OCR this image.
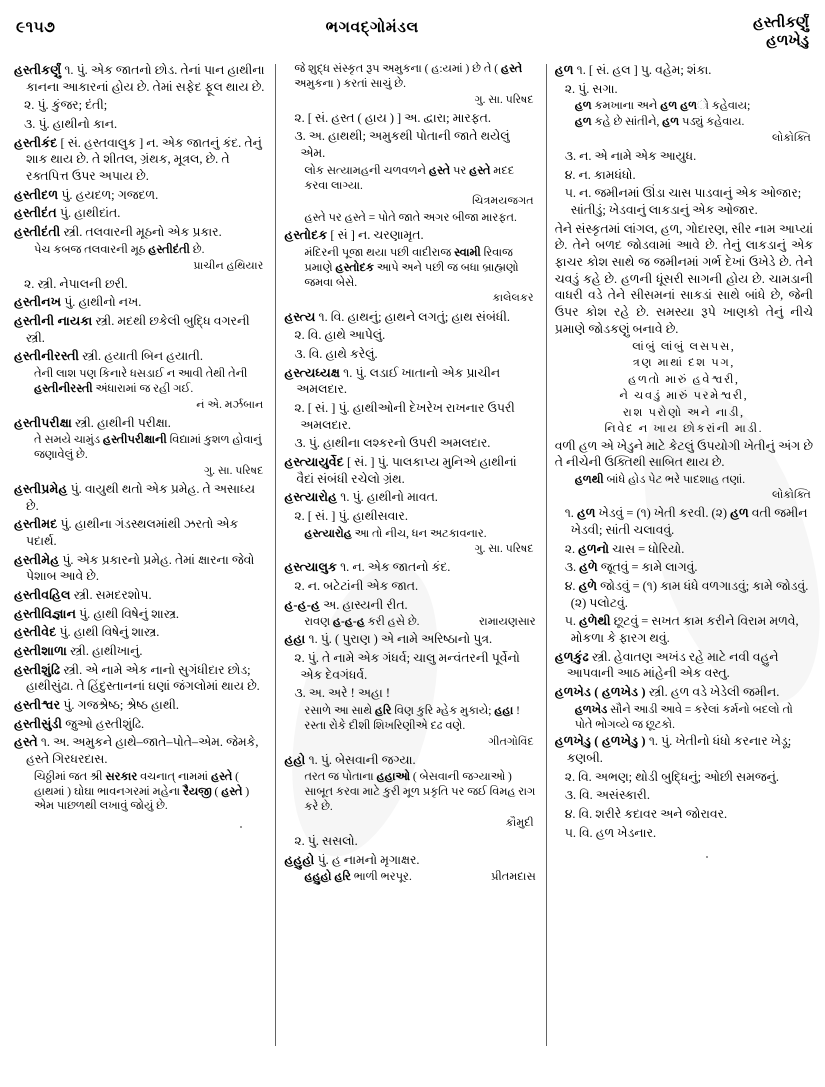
૯૧૫૭	ભગવદ્ગોમંડલ	હસ્તીકર્ણું
હળખેડુ

હસ્તીકર્ણું ૧. પું. એક જાતનો છોડ. તેનાં પાન હાથીના કાનના આકારનાં હોય છે. તેમાં સફેદ ફૂલ થાય છે.

૨. પું. કુંજર; દંતી;

૩. પું. હાથીનો કાન.

હસ્તીકંદ [ સં. હસ્તવાલુક ] ન. એક જાતનું કંદ. તેનું શાક થાય છે. તે શીતલ, ગ્રંથક, મૂત્રલ, છે. તે રક્તપિત્ત ઉપર અપાય છે.

હસ્તીદળ પું. હયદળ; ગજદળ.

હસ્તીદંત પું. હાથીદાંત.

હસ્તીદંતી સ્ત્રી. તલવારની મૂઠનો એક પ્રકાર.

પેચ કબજ તલવારની મૂઠ હસ્તીદંતી છે.

પ્રાચીન હથિયાર

૨. સ્ત્રી. નેપાલની છરી.

હસ્તીનખ પું. હાથીનો નખ.

હસ્તીની નાયકા સ્ત્રી. મદથી છકેલી બુદ્ધિ વગરની સ્ત્રી.

હસ્તીનીરસ્તી સ્ત્રી. હયાતી બિન હયાતી.

તેની લાશ પણ કિનારે ધસડાઈ ન આવી તેથી તેની હસ્તીનીરસ્તી અંધારામાં જ રહી ગઈ.

નં એ. મર્ઝબાન

હસ્તીપરીક્ષા સ્ત્રી. હાથીની પરીક્ષા.

તે સમયે ચામુંડ હસ્તીપરીક્ષાની વિદ્યામાં કુશળ હોવાનું જણાવેલું છે.

ગુ. સા. પરિષદ

હસ્તીપ્રમેહ પું. વાયુથી થતો એક પ્રમેહ. તે અસાધ્ય છે.

હસ્તીમદ પું. હાથીના ગંડસ્થલમાંથી ઝરતો એક પદાર્થ.

હસ્તીમેહ પું. એક પ્રકારનો પ્રમેહ. તેમાં ક્ષારના જેવો પેશાબ આવે છે.

હસ્તીવહિલ સ્ત્રી. સમદરશોપ.

હસ્તીવિજ્ઞાન પું. હાથી વિષેનું શાસ્ત્ર.

હસ્તીવેદ પું. હાથી વિષેનું શાસ્ત્ર.

હસ્તીશાળા સ્ત્રી. હાથીખાનું.

હસ્તીશુંઢિ સ્ત્રી. એ નામે એક નાનો સુગંધીદાર છોડ; હાથીસુંઢા. તે હિંદુસ્તાનનાં ઘણાં જંગલોમાં થાય છે.

હસ્તીશ્વર પું. ગજશ્રેષ્ઠ; શ્રેષ્ઠ હાથી.

હસ્તીસુંડી જુઓ હસ્તીશુંઢિ.

હસ્તે ૧. અ. અમુકને હાથે–જાતે–પોતે–એમ. જેમકે, હસ્તે ગિરધરદાસ.

ચિઠ્ઠીમાં જત શ્રી સરકાર વચનાત્ નામમાં હસ્તે ( હાથમાં ) ઘોઘા ભાવનગરમાં મહેના રૈયજી ( હસ્તે ) એમ પાછળથી લખાવું જોયું છે.

જે શુદ્ધ સંસ્કૃત રૂપ અમુકના ( હ:યમાં ) છે તે ( હસ્તે અમુકના ) કરતાં સાચું છે.

ગુ. સા. પરિષદ

૨. [ સં. હસ્ત ( હાય ) ] અ. દ્વારા; મારફત.

૩. અ. હાથથી; અમુકથી પોતાની જાતે થયેલું એમ.

લોક સત્યામહની ચળવળને હસ્તે પર હસ્તે મદદ કરવા લાગ્યા.

ચિત્રમયજગત

હસ્તે પર હસ્તે = પોતે જાતે અગર બીજા મારફત.

હસ્તોદક [ સં ] ન. ચરણામૃત.

મંદિરની પૂજા થયા પછી વાદીરાજ સ્વામી રિવાજ પ્રમાણે હસ્તોદક આપે અને પછી જ બધા બ્રાહ્મણો જમવા બેસે.

કાલેલકર

હસ્ત્ય ૧. વિ. હાથનું; હાથને લગતું; હાથ સંબંધી.

૨. વિ. હાથે આપેલું.

૩. વિ. હાથે કરેલું.

હસ્ત્યધ્યક્ષ ૧. પું. લડાઈ ખાતાનો એક પ્રાચીન અમલદાર.

૨. [ સં. ] પું. હાથીઓની દેખરેખ રાખનાર ઉપરી અમલદાર.

૩. પું. હાથીના લશ્કરનો ઉપરી અમલદાર.

હસ્ત્યાયુર્વેદ [ સં. ] પું. પાલકાપ્ય મુનિએ હાથીનાં વૈદાં સંબંધી રચેલો ગ્રંથ.

હસ્ત્યારોહ ૧. પું. હાથીનો માવત.

૨. [ સં. ] પું. હાથીસવાર.

હસ્ત્યારોહ આ તો નીચ, ધન અટકાવનાર.

ગુ. સા. પરિષદ

હસ્ત્યાલુક ૧. ન. એક જાતનો કંદ.

૨. ન. બટેટાંની એક જાત.

હ-હ-હ અ. હાસ્યની રીત.

રાવણ હ-હ-હ કરી હસે છે.	રામાયણસાર

હહા ૧. પું. ( પુરાણ ) એ નામે અરિષ્ઠાનો પુત્ર.

૨. પું. તે નામે એક ગંધર્વ; ચાલુ મન્વંતરની પૂર્વેનો એક દેવગંધર્વ.

૩. અ. અરે ! અહા !

રસાળે આ સાથે હરિ વિણ કુરિ મ્હેક મુકાયે; હહા ! રસ્તા રોકે દીશી શિખરિણીએ દઢ વણે.

ગીતગોવિંદ

હહો ૧. પું. બેસવાની જગ્યા.

તરત જ પોતાના હહાઓ ( બેસવાની જગ્યાઓ ) સાબૂત કરવા માટે કુરી મૂળ પ્રકૃતિ પર જઈ વિમહ રાગ કરે છે.

કૌમુદી

૨. પું. સસલો.

હહુહો પું. હ નામનો મૃગાક્ષર.

હહુહો હરિ ભાળી ભરપૂર.	પ્રીતમદાસ

હળ ૧. [ સં. હલ ] પુ. વહેમ; શંકા.

૨. પું. સગા.

હળ કમખાના અને હળ હળો કહેવાય;

હળ કહે છે સાંતીને, હળ પડ્યું કહેવાય.

લોકોક્તિ

૩. ન. એ નામે એક આયુધ.

૪. ન. કામધંધો.

૫. ન. જમીનમાં ઊંડા ચાસ પાડવાનું એક ઓજાર; સાંતીડું; ખેડવાનું લાકડાનું એક ઓજાર.

તેને સંસ્કૃતમાં લાંગલ, હળ, ગોદારણ, સીર નામ આપ્યાં છે. તેને બળદ જોડવામાં આવે છે. તેનું લાકડાનું એક ફાચર કોશ સાથે જ જમીનમાં ગર્ભ દેખાં ઉખેડે છે. તેને ચવડું કહે છે. હળની ધૂંસરી સાગની હોય છે. ચામડાની વાધરી વડે તેને સીસમનાં સાકડાં સાથે બાંધે છે, જેની ઉપર કોશ રહે છે. સમસ્યા રૂપે ખાણકો તેનું નીચે પ્રમાણે જોડકણું બનાવે છે.

લાંબું લાંબું લસપસ,

ત્રણ માથાં દશ પગ,

હળતો મારું હવેશ્વરી,

ને ચવડું મારું પરમેશ્વરી,

રાશ પરોણો અને નાડી,

નિવેદ ન ખાય છોકરાંની માડી.

વળી હળ એ ખેડુને માટે કેટલું ઉપયોગી ખેતીનું અંગ છે તે નીચેની ઉક્તિથી સાબિત થાય છે.

હળથી બાંધે હોડ પેટ ભરે પાદશાહ તણાં.

લોકોક્તિ

૧. હળ ખેડવું = (૧) ખેતી કરવી. (૨) હળ વતી જમીન ખેડવી; સાંતી ચલાવવું.

૨. હળનો ચાસ = ધોરિયો.

૩. હળે જૂતવું = કામે લાગવું.

૪. હળે જોડવું = (૧) કામ ધંધે વળગાડવું; કામે જોડવું. (૨) પલોટવું.

૫. હળેથી છૂટવું = સખત કામ કરીને વિરામ મળવે, મોકળા કે ફારગ થવું.

હળકુંઢ સ્ત્રી. હેવાતણ અખંડ રહે માટે નવી વહુને આપવાની આઠ માંહેની એક વસ્તુ.

હળખેડ ( હળખેડ ) સ્ત્રી. હળ વડે ખેડેલી જમીન.

હળખેડ સૌને આડી આવે = કરેલાં કર્મનો બદલો તો પોતે ભોગવ્યે જ છૂટકો.

હળખેડુ ( હળખેડુ ) ૧. પું. ખેતીનો ધંધો કરનાર ખેડૂ; કણબી.

૨. વિ. અભણ; થોડી બુદ્ધિનું; ઓછી સમજનું.

૩. વિ. અસંસ્કારી.

૪. વિ. શરીરે કદાવર અને જોરાવર.

૫. વિ. હળ ખેડનાર.
